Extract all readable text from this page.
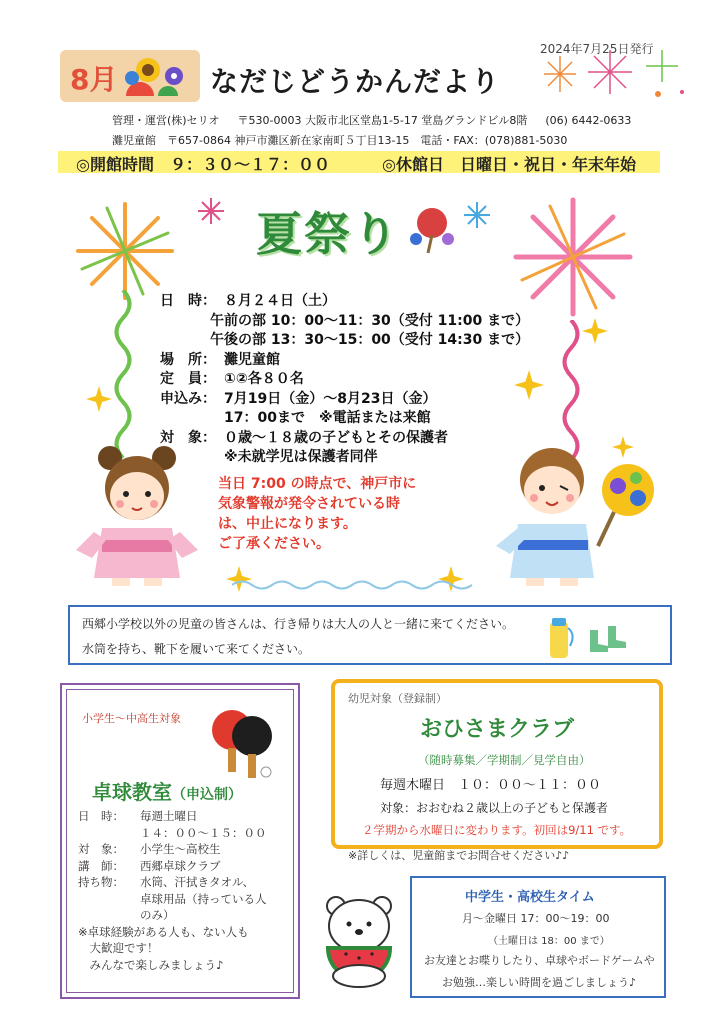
2024年7月25日発行
8月	なだじどうかんだより
管理・運営(株)セリオ 〒530-0003 大阪市北区堂島1-5-17 堂島グランドビル8階 (06) 6442-0633
灘児童館　〒657-0864 神戸市灘区新在家南町５丁目13-15　電話・FAX：(078)881-5030
◎開館時間　９：３０～１７：００	◎休館日　日曜日・祝日・年末年始
夏祭り
日　時： ８月２４日（土）
午前の部 10：00～11：30（受付 11:00 まで）
午後の部 13：30～15：00（受付 14:30 まで）
場　所： 灘児童館
定　員： ①②各８０名
申込み： 7月19日（金）～8月23日（金）
17：00まで　※電話または来館
対　象： ０歳～１８歳の子どもとその保護者
※未就学児は保護者同伴
当日 7:00 の時点で、神戸市に
気象警報が発令されている時
は、中止になります。
ご了承ください。
西郷小学校以外の児童の皆さんは、行き帰りは大人の人と一緒に来てください。
水筒を持ち、靴下を履いて来てください。
小学生～中高生対象
卓球教室（申込制）
日　時： 毎週土曜日
１４：００～１５：００
対　象： 小学生～高校生
講　師： 西郷卓球クラブ
持ち物： 水筒、汗拭きタオル、
卓球用品（持っている人
のみ）
※卓球経験がある人も、ない人も
　大歓迎です！
　みんなで楽しみましょう♪
幼児対象（登録制）
おひさまクラブ
（随時募集／学期制／見学自由）
毎週木曜日　１０：００～１１：００
対象：おおむね２歳以上の子どもと保護者
２学期から水曜日に変わります。初回は9/11 です。
※詳しくは、児童館までお問合せください♪♪
中学生・高校生タイム
月～金曜日 17：00～19：00
（土曜日は 18：00 まで）
お友達とお喋りしたり、卓球やボードゲームや
お勉強…楽しい時間を過ごしましょう♪
